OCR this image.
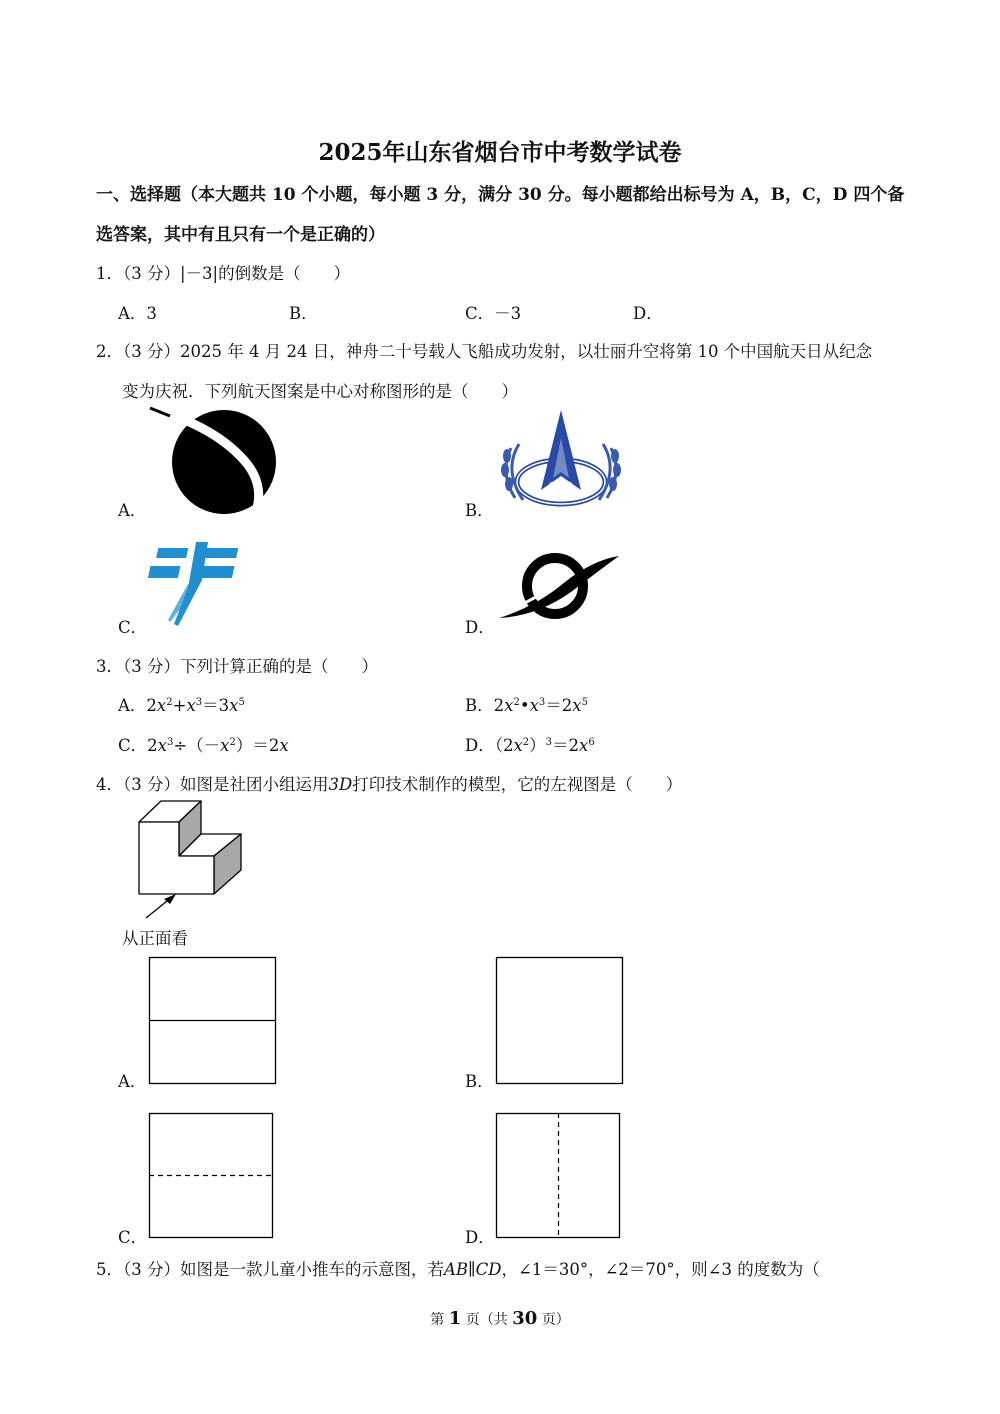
2025年山东省烟台市中考数学试卷
一、选择题（本大题共 10 个小题，每小题 3 分，满分 30 分。每小题都给出标号为 A，B，C，D 四个备
选答案，其中有且只有一个是正确的）
1．（3 分）|－3|的倒数是（　　）
A．3	B．	C．－3	D．
2．（3 分）2025 年 4 月 24 日，神舟二十号载人飞船成功发射，以壮丽升空将第 10 个中国航天日从纪念
变为庆祝．下列航天图案是中心对称图形的是（　　）
A．
CNSA
B．
C．	D．
3．（3 分）下列计算正确的是（　　）
A．$2x^2+x^3=3x^5$	B．$2x^2•x^3=2x^5$
C．$2x^3\div(-x^2)=2x$	D．$(2x^2)^3=2x^6$
4．（3 分）如图是社团小组运用3D打印技术制作的模型，它的左视图是（　　）
从正面看
A．	B．
C．	D．
5．（3 分）如图是一款儿童小推车的示意图，若AB∥CD，∠1＝30°，∠2＝70°，则∠3 的度数为（
第 1 页（共 30 页）
